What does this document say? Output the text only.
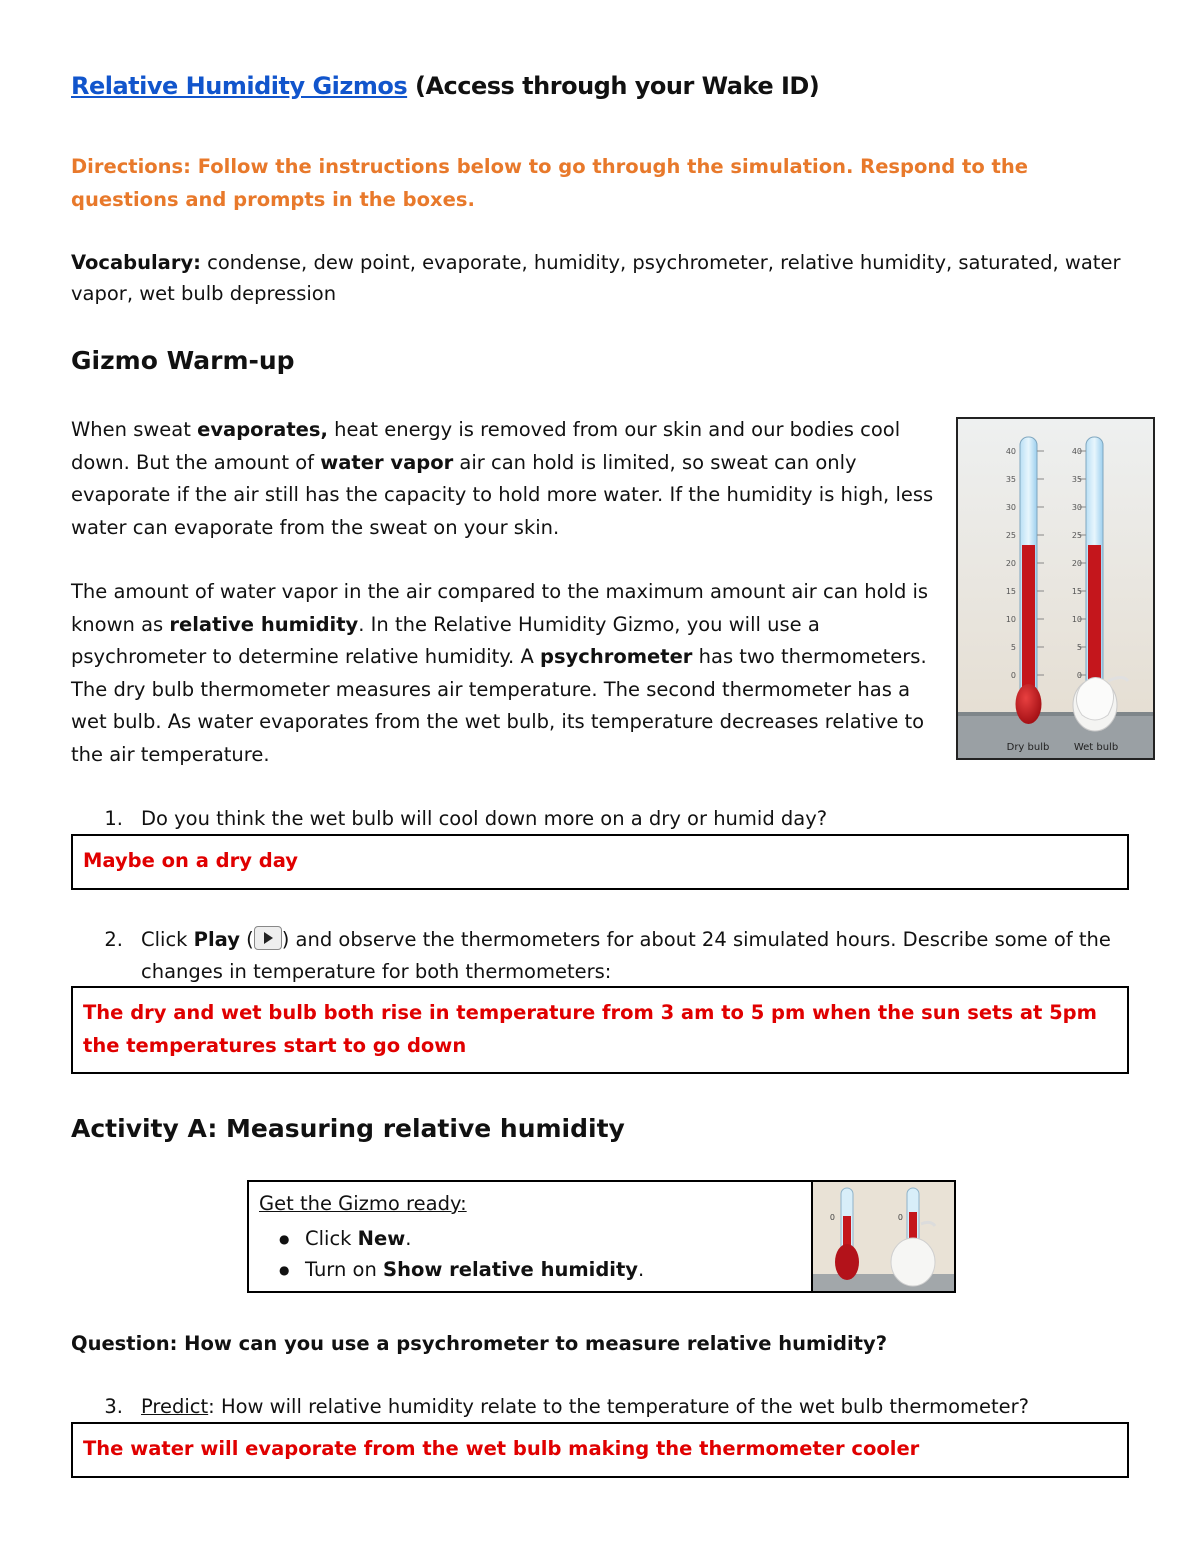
Relative Humidity Gizmos (Access through your Wake ID)
Directions: Follow the instructions below to go through the simulation. Respond to the questions and prompts in the boxes.
Vocabulary: condense, dew point, evaporate, humidity, psychrometer, relative humidity, saturated, water vapor, wet bulb depression
Gizmo Warm-up
When sweat evaporates, heat energy is removed from our skin and our bodies cool down. But the amount of water vapor air can hold is limited, so sweat can only evaporate if the air still has the capacity to hold more water. If the humidity is high, less water can evaporate from the sweat on your skin.
The amount of water vapor in the air compared to the maximum amount air can hold is known as relative humidity. In the Relative Humidity Gizmo, you will use a psychrometer to determine relative humidity. A psychrometer has two thermometers. The dry bulb thermometer measures air temperature. The second thermometer has a wet bulb. As water evaporates from the wet bulb, its temperature decreases relative to the air temperature.
40
35
30
25
20
15
10
5
0
40
35
30
25
20
15
10
5
0
Dry bulb Wet bulb
1. Do you think the wet bulb will cool down more on a dry or humid day?
Maybe on a dry day
2. Click Play ( ) and observe the thermometers for about 24 simulated hours. Describe some of the changes in temperature for both thermometers:
The dry and wet bulb both rise in temperature from 3 am to 5 pm when the sun sets at 5pm the temperatures start to go down
Activity A: Measuring relative humidity
Get the Gizmo ready:
● Click New.
● Turn on Show relative humidity.
0	0
Question: How can you use a psychrometer to measure relative humidity?
3. Predict: How will relative humidity relate to the temperature of the wet bulb thermometer?
The water will evaporate from the wet bulb making the thermometer cooler
